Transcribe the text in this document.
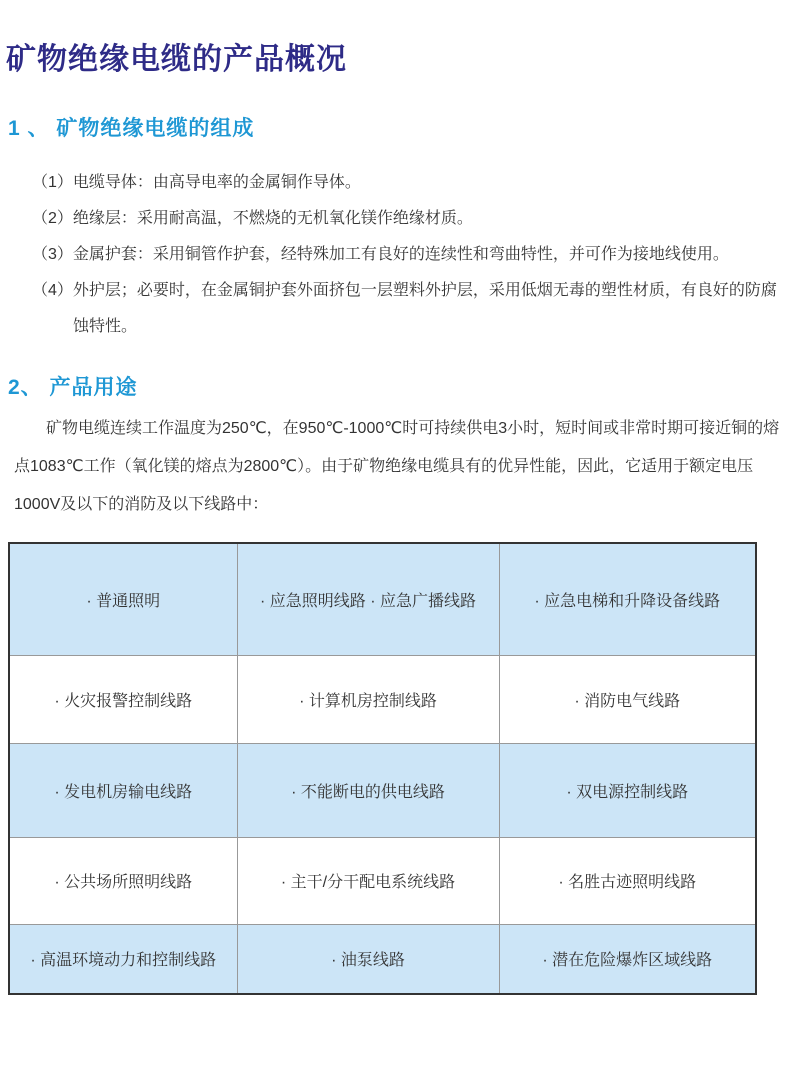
矿物绝缘电缆的产品概况
1 、 矿物绝缘电缆的组成
（1）电缆导体：由高导电率的金属铜作导体。
（2）绝缘层：采用耐高温，不燃烧的无机氧化镁作绝缘材质。
（3）金属护套：采用铜管作护套，经特殊加工有良好的连续性和弯曲特性，并可作为接地线使用。
（4）外护层；必要时，在金属铜护套外面挤包一层塑料外护层，采用低烟无毒的塑性材质，有良好的防腐蚀特性。
2、 产品用途

矿物电缆连续工作温度为250℃，在950℃-1000℃时可持续供电3小时，短时间或非常时期可接近铜的熔点1083℃工作（氧化镁的熔点为2800℃）。由于矿物绝缘电缆具有的优异性能，因此，它适用于额定电压1000V及以下的消防及以下线路中：

· 普通照明	· 应急照明线路 · 应急广播线路	· 应急电梯和升降设备线路
· 火灾报警控制线路	· 计算机房控制线路	· 消防电气线路
· 发电机房输电线路	· 不能断电的供电线路	· 双电源控制线路
· 公共场所照明线路	· 主干/分干配电系统线路	· 名胜古迹照明线路
· 高温环境动力和控制线路	· 油泵线路	· 潜在危险爆炸区域线路
